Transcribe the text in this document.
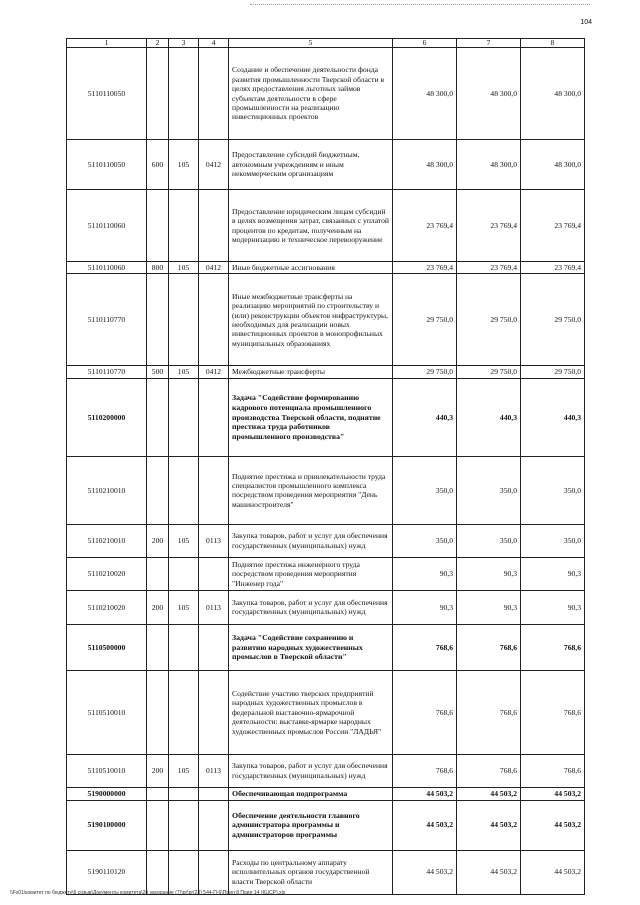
104
1	2	3	4	5	6	7	8
5110110050				Создание и обеспечение деятельности фонда развития промышленности Тверской области в целях предоставления льготных займов субъектам деятельности в сфере промышленности на реализацию инвестиционных проектов	48 300,0	48 300,0	48 300,0
5110110050	600	105	0412	Предоставление субсидий бюджетным, автономным учреждениям и иным некоммерческим организациям	48 300,0	48 300,0	48 300,0
5110110060				Предоставление юридическим лицам субсидий в целях возмещения затрат, связанных с уплатой процентов по кредитам, полученным на модернизацию и техническое перевооружение	23 769,4	23 769,4	23 769,4
5110110060	800	105	0412	Иные бюджетные ассигнования	23 769,4	23 769,4	23 769,4
5110110770				Иные межбюджетные трансферты на реализацию мероприятий по строительству и (или) реконструкции объектов инфраструктуры, необходимых для реализации новых инвестиционных проектов в монопрофильных муниципальных образованиях	29 750,0	29 750,0	29 750,0
5110110770	500	105	0412	Межбюджетные трансферты	29 750,0	29 750,0	29 750,0
5110200000				Задача "Содействие формированию кадрового потенциала промышленного производства Тверской области, поднятие престижа труда работников промышленного производства"	440,3	440,3	440,3
5110210010				Поднятие престижа и привлекательности труда специалистов промышленного комплекса посредством проведения мероприятия "День машиностроителя"	350,0	350,0	350,0
5110210010	200	105	0113	Закупка товаров, работ и услуг для обеспечения государственных (муниципальных) нужд	350,0	350,0	350,0
5110210020				Поднятие престижа инженерного труда посредством проведения мероприятия "Инженер года"	90,3	90,3	90,3
5110210020	200	105	0113	Закупка товаров, работ и услуг для обеспечения государственных (муниципальных) нужд	90,3	90,3	90,3
5110500000				Задача "Содействие сохранению и развитию народных художественных промыслов в Тверской области"	768,6	768,6	768,6
5110510010				Содействие участию тверских предприятий народных художественных промыслов в федеральной выставочно-ярмарочной деятельности: выставке-ярмарке народных художественных промыслов России "ЛАДЬЯ"	768,6	768,6	768,6
5110510010	200	105	0113	Закупка товаров, работ и услуг для обеспечения государственных (муниципальных) нужд	768,6	768,6	768,6
5190000000				Обеспечивающая подпрограмма	44 503,2	44 503,2	44 503,2
5190100000				Обеспечение деятельности главного администратора программы и администраторов программы	44 503,2	44 503,2	44 503,2
5190110120				Расходы по центральному аппарату исполнительных органов государственной власти Тверской области	44 503,2	44 503,2	44 503,2
\\Fs01\комитет по бюджету\6 созыв\Документы комитета\28 заседание (7)\pr\pr(28) 544-П-6\Прил 8 Прил 14 (КЦСР).xls
